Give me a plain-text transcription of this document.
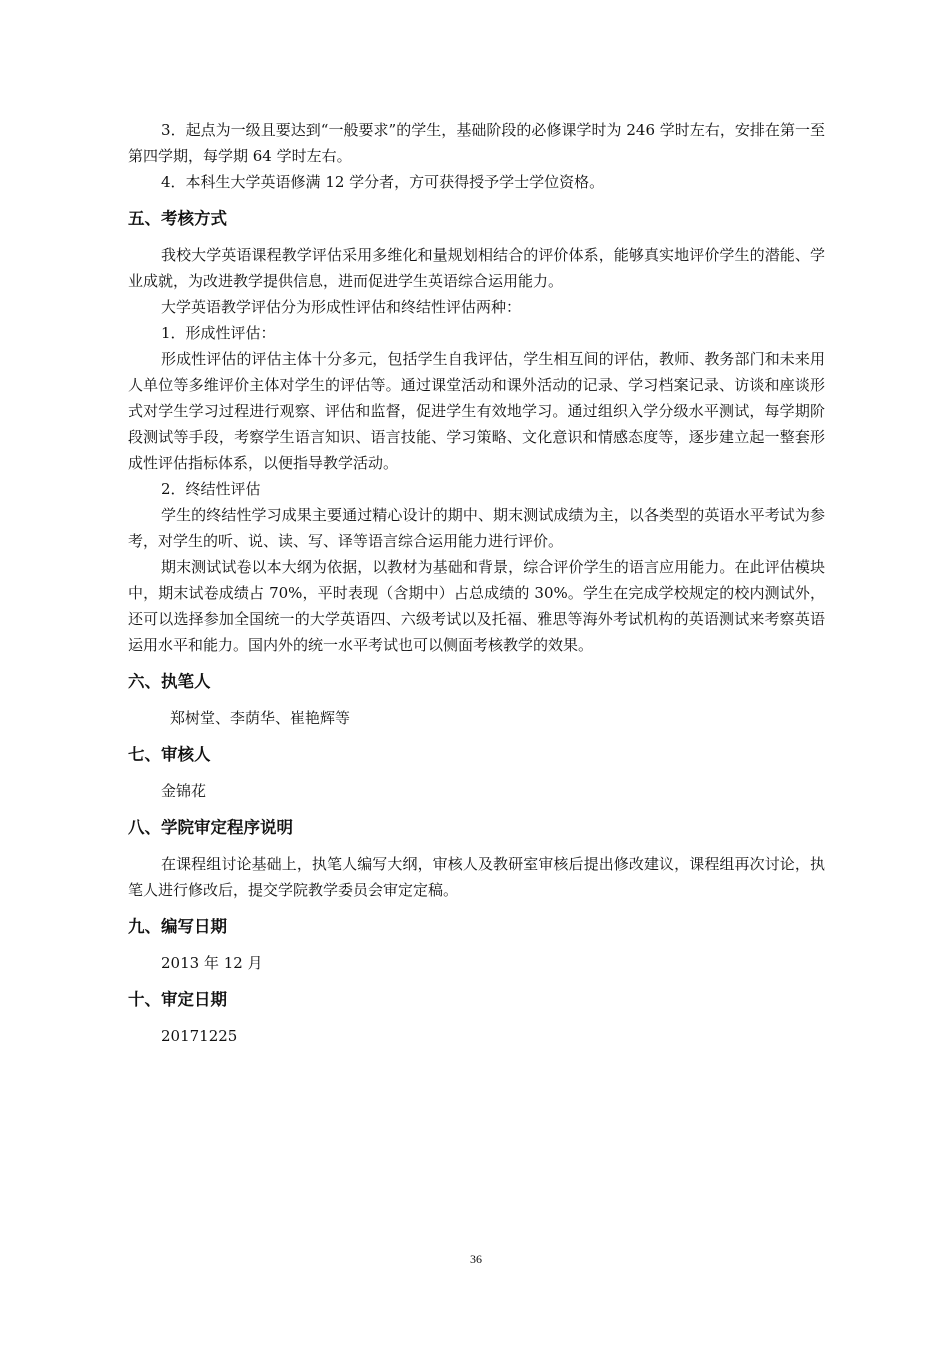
3．起点为一级且要达到“一般要求”的学生，基础阶段的必修课学时为 246 学时左右，安排在第一至第四学期，每学期 64 学时左右。

4．本科生大学英语修满 12 学分者，方可获得授予学士学位资格。

五、考核方式

我校大学英语课程教学评估采用多维化和量规划相结合的评价体系，能够真实地评价学生的潜能、学业成就，为改进教学提供信息，进而促进学生英语综合运用能力。

大学英语教学评估分为形成性评估和终结性评估两种：

1．形成性评估：

形成性评估的评估主体十分多元，包括学生自我评估，学生相互间的评估，教师、教务部门和未来用人单位等多维评价主体对学生的评估等。通过课堂活动和课外活动的记录、学习档案记录、访谈和座谈形式对学生学习过程进行观察、评估和监督，促进学生有效地学习。通过组织入学分级水平测试，每学期阶段测试等手段，考察学生语言知识、语言技能、学习策略、文化意识和情感态度等，逐步建立起一整套形成性评估指标体系，以便指导教学活动。

2．终结性评估

学生的终结性学习成果主要通过精心设计的期中、期末测试成绩为主，以各类型的英语水平考试为参考，对学生的听、说、读、写、译等语言综合运用能力进行评价。

期末测试试卷以本大纲为依据，以教材为基础和背景，综合评价学生的语言应用能力。在此评估模块中，期末试卷成绩占 70%，平时表现（含期中）占总成绩的 30%。学生在完成学校规定的校内测试外，还可以选择参加全国统一的大学英语四、六级考试以及托福、雅思等海外考试机构的英语测试来考察英语运用水平和能力。国内外的统一水平考试也可以侧面考核教学的效果。

六、执笔人

郑树堂、李荫华、崔艳辉等

七、审核人

金锦花

八、学院审定程序说明

在课程组讨论基础上，执笔人编写大纲，审核人及教研室审核后提出修改建议，课程组再次讨论，执笔人进行修改后，提交学院教学委员会审定定稿。

九、编写日期

2013 年 12 月

十、审定日期

20171225

36
